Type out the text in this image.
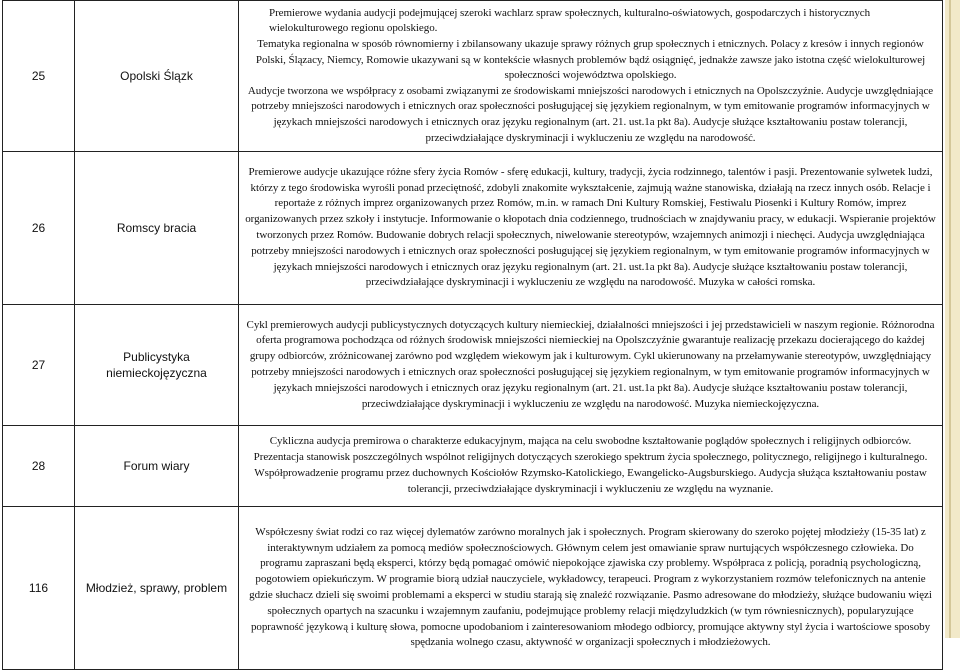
25	Opolski Ślązk	Premierowe wydania audycji podejmującej szeroki wachlarz spraw społecznych, kulturalno-oświatowych, gospodarczych i historycznych wielokulturowego regionu opolskiego.
Tematyka regionalna w sposób równomierny i zbilansowany ukazuje sprawy różnych grup społecznych i etnicznych. Polacy z kresów i innych regionów Polski, Ślązacy, Niemcy, Romowie ukazywani są w kontekście własnych problemów bądź osiągnięć, jednakże zawsze jako istotna część wielokulturowej społeczności województwa opolskiego.
Audycje tworzona we współpracy z osobami związanymi ze środowiskami mniejszości narodowych i etnicznych na Opolszczyźnie. Audycje uwzględniające potrzeby mniejszości narodowych i etnicznych oraz społeczności posługującej się językiem regionalnym, w tym emitowanie programów informacyjnych w językach mniejszości narodowych i etnicznych oraz języku regionalnym (art. 21. ust.1a pkt 8a). Audycje służące kształtowaniu postaw tolerancji, przeciwdziałające dyskryminacji i wykluczeniu ze względu na narodowość.

26	Romscy bracia	Premierowe audycje ukazujące różne sfery życia Romów - sferę edukacji, kultury, tradycji, życia rodzinnego, talentów i pasji. Prezentowanie sylwetek ludzi, którzy z tego środowiska wyrośli ponad przeciętność, zdobyli znakomite wykształcenie, zajmują ważne stanowiska, działają na rzecz innych osób. Relacje i reportaże z różnych imprez organizowanych przez Romów, m.in. w ramach Dni Kultury Romskiej, Festiwalu Piosenki i Kultury Romów, imprez organizowanych przez szkoły i instytucje. Informowanie o kłopotach dnia codziennego, trudnościach w znajdywaniu pracy, w edukacji. Wspieranie projektów tworzonych przez Romów. Budowanie dobrych relacji społecznych, niwelowanie stereotypów, wzajemnych animozji i niechęci. Audycja uwzględniająca potrzeby mniejszości narodowych i etnicznych oraz społeczności posługującej się językiem regionalnym, w tym emitowanie programów informacyjnych w językach mniejszości narodowych i etnicznych oraz języku regionalnym (art. 21. ust.1a pkt 8a). Audycje służące kształtowaniu postaw tolerancji, przeciwdziałające dyskryminacji i wykluczeniu ze względu na narodowość. Muzyka w całości romska.
27	Publicystyka niemieckojęzyczna	Cykl premierowych audycji publicystycznych dotyczących kultury niemieckiej, działalności mniejszości i jej przedstawicieli w naszym regionie. Różnorodna oferta programowa pochodząca od różnych środowisk mniejszości niemieckiej na Opolszczyźnie gwarantuje realizację przekazu docierającego do każdej grupy odbiorców, zróżnicowanej zarówno pod względem wiekowym jak i kulturowym. Cykl ukierunowany na przełamywanie stereotypów, uwzględniający potrzeby mniejszości narodowych i etnicznych oraz społeczności posługującej się językiem regionalnym, w tym emitowanie programów informacyjnych w językach mniejszości narodowych i etnicznych oraz języku regionalnym (art. 21. ust.1a pkt 8a). Audycje służące kształtowaniu postaw tolerancji, przeciwdziałające dyskryminacji i wykluczeniu ze względu na narodowość. Muzyka niemieckojęzyczna.
28	Forum wiary	Cykliczna audycja premirowa o charakterze edukacyjnym, mająca na celu swobodne kształtowanie poglądów społecznych i religijnych odbiorców. Prezentacja stanowisk poszczególnych wspólnot religijnych dotyczących szerokiego spektrum życia społecznego, politycznego, religijnego i kulturalnego. Współprowadzenie programu przez duchownych Kościołów Rzymsko-Katolickiego, Ewangelicko-Augsburskiego. Audycja służąca kształtowaniu postaw tolerancji, przeciwdziałające dyskryminacji i wykluczeniu ze względu na wyznanie.
116	Młodzież, sprawy, problem	Współczesny świat rodzi co raz więcej dylematów zarówno moralnych jak i społecznych. Program skierowany do szeroko pojętej młodzieży (15-35 lat) z interaktywnym udziałem za pomocą mediów społecznościowych. Głównym celem jest omawianie spraw nurtujących współczesnego człowieka. Do programu zapraszani będą eksperci, którzy będą pomagać omówić niepokojące zjawiska czy problemy. Współpraca z policją, poradnią psychologiczną, pogotowiem opiekuńczym. W programie biorą udział nauczyciele, wykładowcy, terapeuci. Program z wykorzystaniem rozmów telefonicznych na antenie gdzie słuchacz dzieli się swoimi problemami a eksperci w studiu starają się znaleźć rozwiązanie. Pasmo adresowane do młodzieży, służące budowaniu więzi społecznych opartych na szacunku i wzajemnym zaufaniu, podejmujące problemy relacji międzyludzkich (w tym równiesnicznych), popularyzujące poprawność językową i kulturę słowa, pomocne upodobaniom i zainteresowaniom młodego odbiorcy, promujące aktywny styl życia i wartościowe sposoby spędzania wolnego czasu, aktywność w organizacji społecznych i młodzieżowych.
